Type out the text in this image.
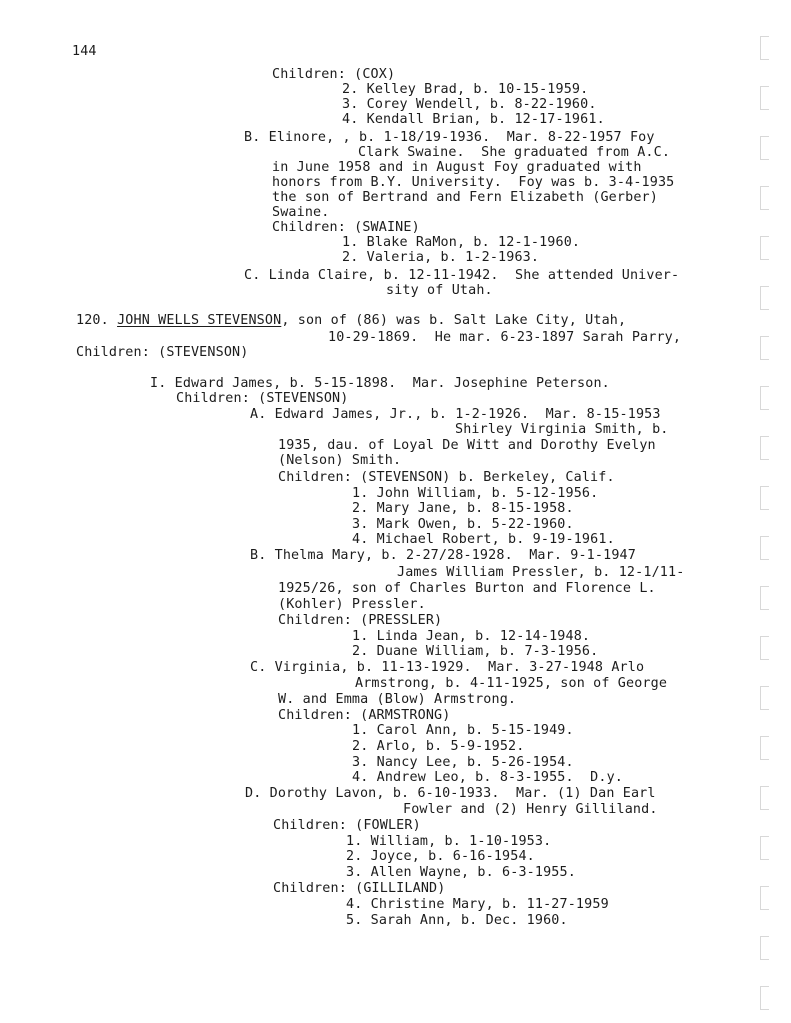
144
Children: (COX)
2. Kelley Brad, b. 10-15-1959.
3. Corey Wendell, b. 8-22-1960.
4. Kendall Brian, b. 12-17-1961.
B. Elinore, , b. 1-18/19-1936.  Mar. 8-22-1957 Foy
Clark Swaine.  She graduated from A.C.
in June 1958 and in August Foy graduated with
honors from B.Y. University.  Foy was b. 3-4-1935
the son of Bertrand and Fern Elizabeth (Gerber)
Swaine.
Children: (SWAINE)
1. Blake RaMon, b. 12-1-1960.
2. Valeria, b. 1-2-1963.
C. Linda Claire, b. 12-11-1942.  She attended Univer-
sity of Utah.
120. JOHN WELLS STEVENSON, son of (86) was b. Salt Lake City, Utah,
10-29-1869.  He mar. 6-23-1897 Sarah Parry,
Children: (STEVENSON)
I. Edward James, b. 5-15-1898.  Mar. Josephine Peterson.
Children: (STEVENSON)
A. Edward James, Jr., b. 1-2-1926.  Mar. 8-15-1953
Shirley Virginia Smith, b.
1935, dau. of Loyal De Witt and Dorothy Evelyn
(Nelson) Smith.
Children: (STEVENSON) b. Berkeley, Calif.
1. John William, b. 5-12-1956.
2. Mary Jane, b. 8-15-1958.
3. Mark Owen, b. 5-22-1960.
4. Michael Robert, b. 9-19-1961.
B. Thelma Mary, b. 2-27/28-1928.  Mar. 9-1-1947
James William Pressler, b. 12-1/11-
1925/26, son of Charles Burton and Florence L.
(Kohler) Pressler.
Children: (PRESSLER)
1. Linda Jean, b. 12-14-1948.
2. Duane William, b. 7-3-1956.
C. Virginia, b. 11-13-1929.  Mar. 3-27-1948 Arlo
Armstrong, b. 4-11-1925, son of George
W. and Emma (Blow) Armstrong.
Children: (ARMSTRONG)
1. Carol Ann, b. 5-15-1949.
2. Arlo, b. 5-9-1952.
3. Nancy Lee, b. 5-26-1954.
4. Andrew Leo, b. 8-3-1955.  D.y.
D. Dorothy Lavon, b. 6-10-1933.  Mar. (1) Dan Earl
Fowler and (2) Henry Gilliland.
Children: (FOWLER)
1. William, b. 1-10-1953.
2. Joyce, b. 6-16-1954.
3. Allen Wayne, b. 6-3-1955.
Children: (GILLILAND)
4. Christine Mary, b. 11-27-1959
5. Sarah Ann, b. Dec. 1960.
